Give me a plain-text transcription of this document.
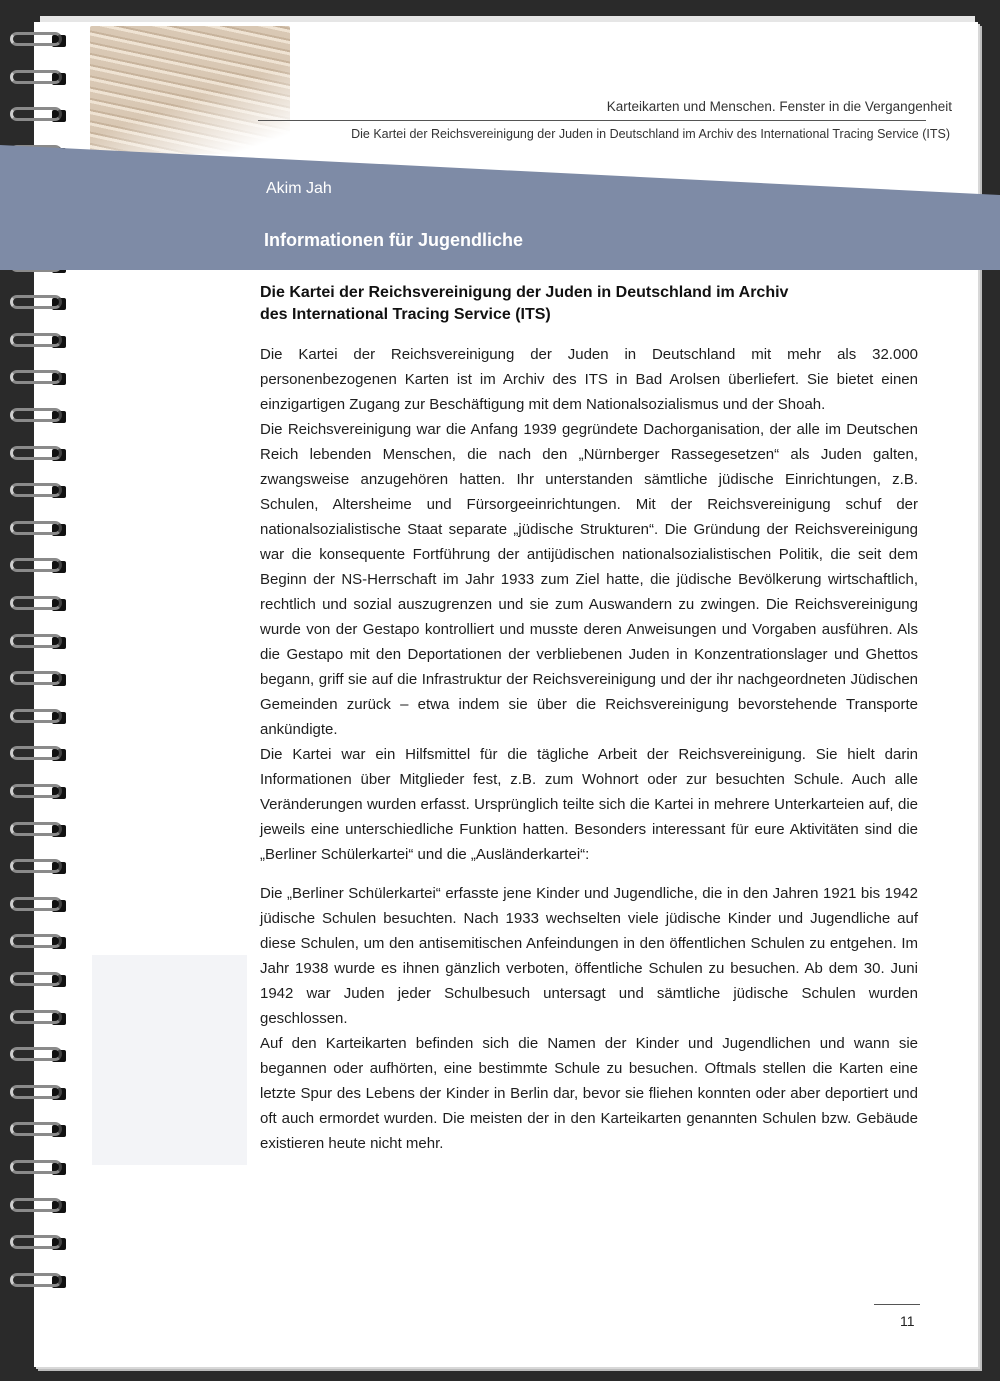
Karteikarten und Menschen. Fenster in die Vergangenheit
Die Kartei der Reichsvereinigung der Juden in Deutschland im Archiv des International Tracing Service (ITS)
Akim Jah
Informationen für Jugendliche
Die Kartei der Reichsvereinigung der Juden in Deutschland im Archiv
des International Tracing Service (ITS)

Die Kartei der Reichsvereinigung der Juden in Deutschland mit mehr als 32.000 personenbezogenen Karten ist im Archiv des ITS in Bad Arolsen überliefert. Sie bietet einen einzigartigen Zugang zur Beschäftigung mit dem Nationalsozialismus und der Shoah.

Die Reichsvereinigung war die Anfang 1939 gegründete Dachorganisation, der alle im Deutschen Reich lebenden Menschen, die nach den „Nürnberger Rassegesetzen“ als Juden galten, zwangsweise anzugehören hatten. Ihr unterstanden sämtliche jüdische Einrichtungen, z.B. Schulen, Altersheime und Fürsorgeeinrichtungen. Mit der Reichsvereinigung schuf der nationalsozialistische Staat separate „jüdische Strukturen“. Die Gründung der Reichsvereinigung war die konsequente Fortführung der antijüdischen nationalsozialistischen Politik, die seit dem Beginn der NS-Herrschaft im Jahr 1933 zum Ziel hatte, die jüdische Bevölkerung wirtschaftlich, rechtlich und sozial auszugrenzen und sie zum Auswandern zu zwingen. Die Reichsvereinigung wurde von der Gestapo kontrolliert und musste deren Anweisungen und Vorgaben ausführen. Als die Gestapo mit den Deportationen der verbliebenen Juden in Konzentrationslager und Ghettos begann, griff sie auf die Infrastruktur der Reichsvereinigung und der ihr nachgeordneten Jüdischen Gemeinden zurück – etwa indem sie über die Reichsvereinigung bevorstehende Transporte ankündigte.

Die Kartei war ein Hilfsmittel für die tägliche Arbeit der Reichsvereinigung. Sie hielt darin Informationen über Mitglieder fest, z.B. zum Wohnort oder zur besuchten Schule. Auch alle Veränderungen wurden erfasst. Ursprünglich teilte sich die Kartei in mehrere Unterkarteien auf, die jeweils eine unterschiedliche Funktion hatten. Besonders interessant für eure Aktivitäten sind die „Berliner Schülerkartei“ und die „Ausländerkartei“:

Die „Berliner Schülerkartei“ erfasste jene Kinder und Jugendliche, die in den Jahren 1921 bis 1942 jüdische Schulen besuchten. Nach 1933 wechselten viele jüdische Kinder und Jugendliche auf diese Schulen, um den antisemitischen Anfeindungen in den öffentlichen Schulen zu entgehen. Im Jahr 1938 wurde es ihnen gänzlich verboten, öffentliche Schulen zu besuchen. Ab dem 30. Juni 1942 war Juden jeder Schulbesuch untersagt und sämtliche jüdische Schulen wurden geschlossen.

Auf den Karteikarten befinden sich die Namen der Kinder und Jugendlichen und wann sie begannen oder aufhörten, eine bestimmte Schule zu besuchen. Oftmals stellen die Karten eine letzte Spur des Lebens der Kinder in Berlin dar, bevor sie fliehen konnten oder aber deportiert und oft auch ermordet wurden. Die meisten der in den Karteikarten genannten Schulen bzw. Gebäude existieren heute nicht mehr.

11
